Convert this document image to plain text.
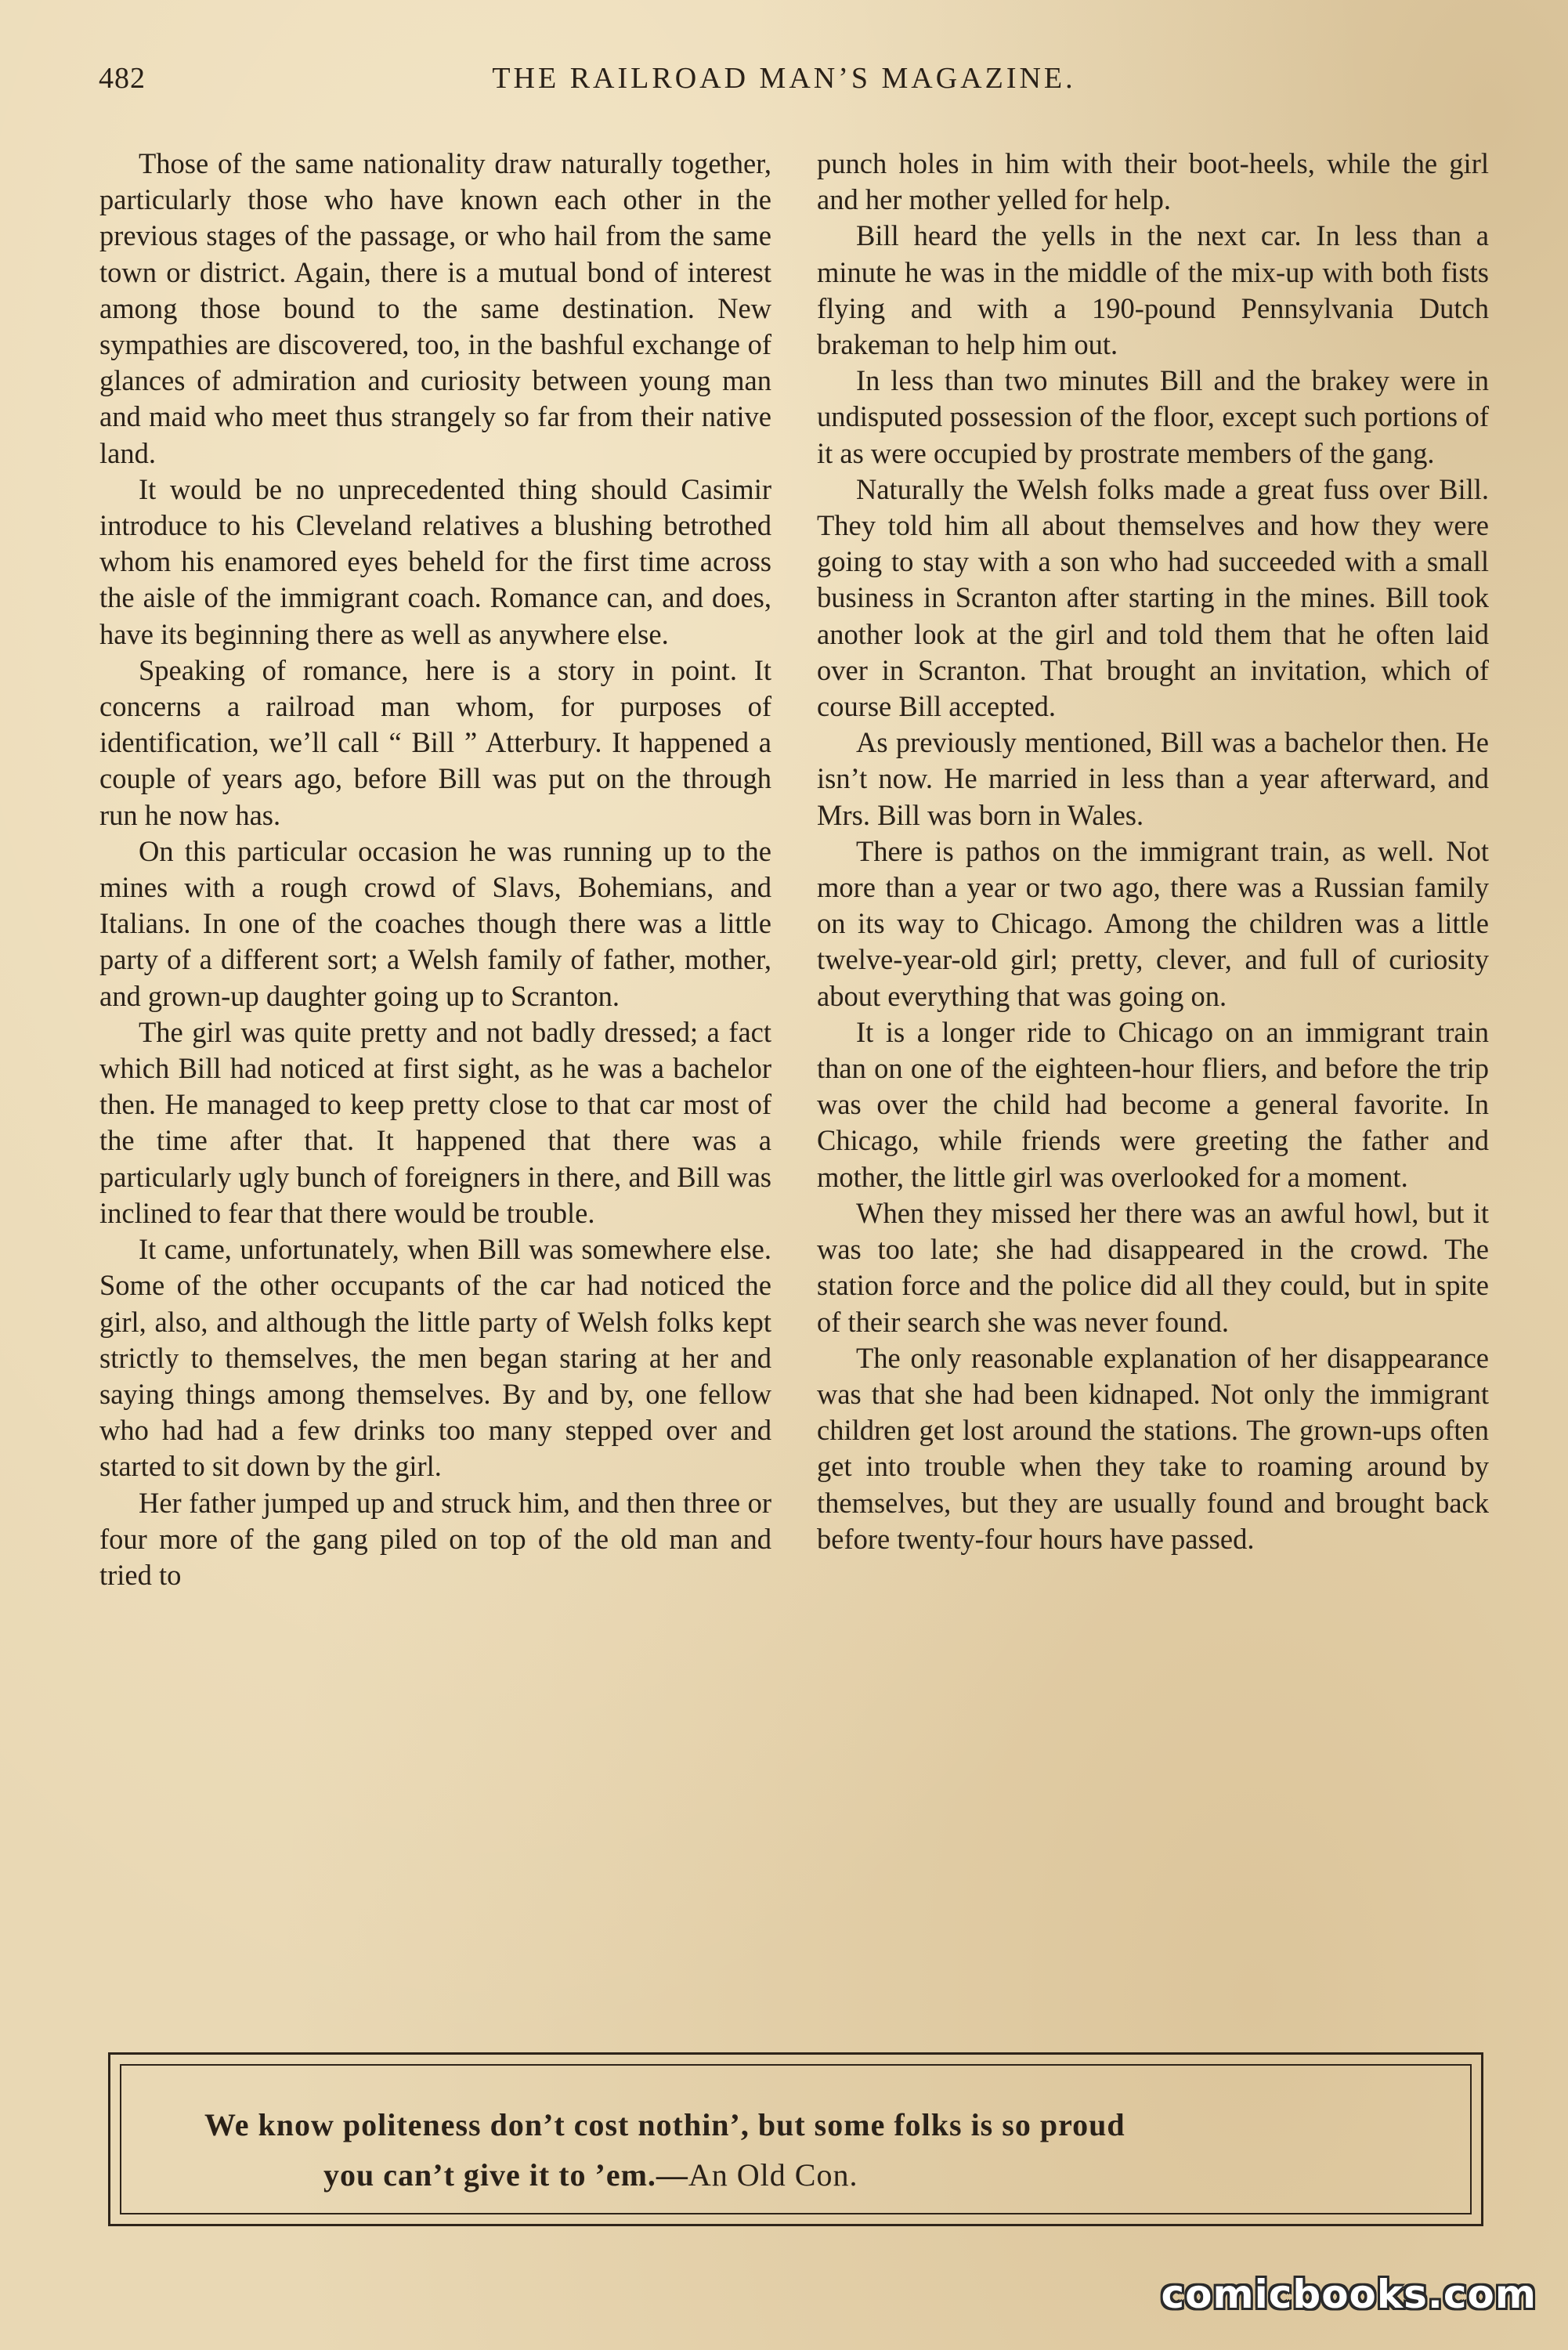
482	THE RAILROAD MAN’S MAGAZINE.

Those of the same nationality draw naturally together, particularly those who have known each other in the previous stages of the passage, or who hail from the same town or district. Again, there is a mutual bond of interest among those bound to the same destination. New sympathies are discovered, too, in the bashful exchange of glances of admiration and curiosity between young man and maid who meet thus strangely so far from their native land.

It would be no unprecedented thing should Casimir introduce to his Cleveland relatives a blushing betrothed whom his enamored eyes beheld for the first time across the aisle of the immigrant coach. Romance can, and does, have its beginning there as well as anywhere else.

Speaking of romance, here is a story in point. It concerns a railroad man whom, for purposes of identification, we’ll call “ Bill ” Atterbury. It happened a couple of years ago, before Bill was put on the through run he now has.

On this particular occasion he was running up to the mines with a rough crowd of Slavs, Bohemians, and Italians. In one of the coaches though there was a little party of a different sort; a Welsh family of father, mother, and grown-up daughter going up to Scranton.

The girl was quite pretty and not badly dressed; a fact which Bill had noticed at first sight, as he was a bachelor then. He managed to keep pretty close to that car most of the time after that. It happened that there was a particularly ugly bunch of foreigners in there, and Bill was inclined to fear that there would be trouble.

It came, unfortunately, when Bill was somewhere else. Some of the other occupants of the car had noticed the girl, also, and although the little party of Welsh folks kept strictly to themselves, the men began staring at her and saying things among themselves. By and by, one fellow who had had a few drinks too many stepped over and started to sit down by the girl.

Her father jumped up and struck him, and then three or four more of the gang piled on top of the old man and tried to

punch holes in him with their boot-heels, while the girl and her mother yelled for help.

Bill heard the yells in the next car. In less than a minute he was in the middle of the mix-up with both fists flying and with a 190-pound Pennsylvania Dutch brakeman to help him out.

In less than two minutes Bill and the brakey were in undisputed possession of the floor, except such portions of it as were occupied by prostrate members of the gang.

Naturally the Welsh folks made a great fuss over Bill. They told him all about themselves and how they were going to stay with a son who had succeeded with a small business in Scranton after starting in the mines. Bill took another look at the girl and told them that he often laid over in Scranton. That brought an invitation, which of course Bill accepted.

As previously mentioned, Bill was a bachelor then. He isn’t now. He married in less than a year afterward, and Mrs. Bill was born in Wales.

There is pathos on the immigrant train, as well. Not more than a year or two ago, there was a Russian family on its way to Chicago. Among the children was a little twelve-year-old girl; pretty, clever, and full of curiosity about everything that was going on.

It is a longer ride to Chicago on an immigrant train than on one of the eighteen-hour fliers, and before the trip was over the child had become a general favorite. In Chicago, while friends were greeting the father and mother, the little girl was overlooked for a moment.

When they missed her there was an awful howl, but it was too late; she had disappeared in the crowd. The station force and the police did all they could, but in spite of their search she was never found.

The only reasonable explanation of her disappearance was that she had been kidnaped. Not only the immigrant children get lost around the stations. The grown-ups often get into trouble when they take to roaming around by themselves, but they are usually found and brought back before twenty-four hours have passed.

We know politeness don’t cost nothin’, but some folks is so proud
you can’t give it to ’em.—An Old Con.
comicbooks.com
